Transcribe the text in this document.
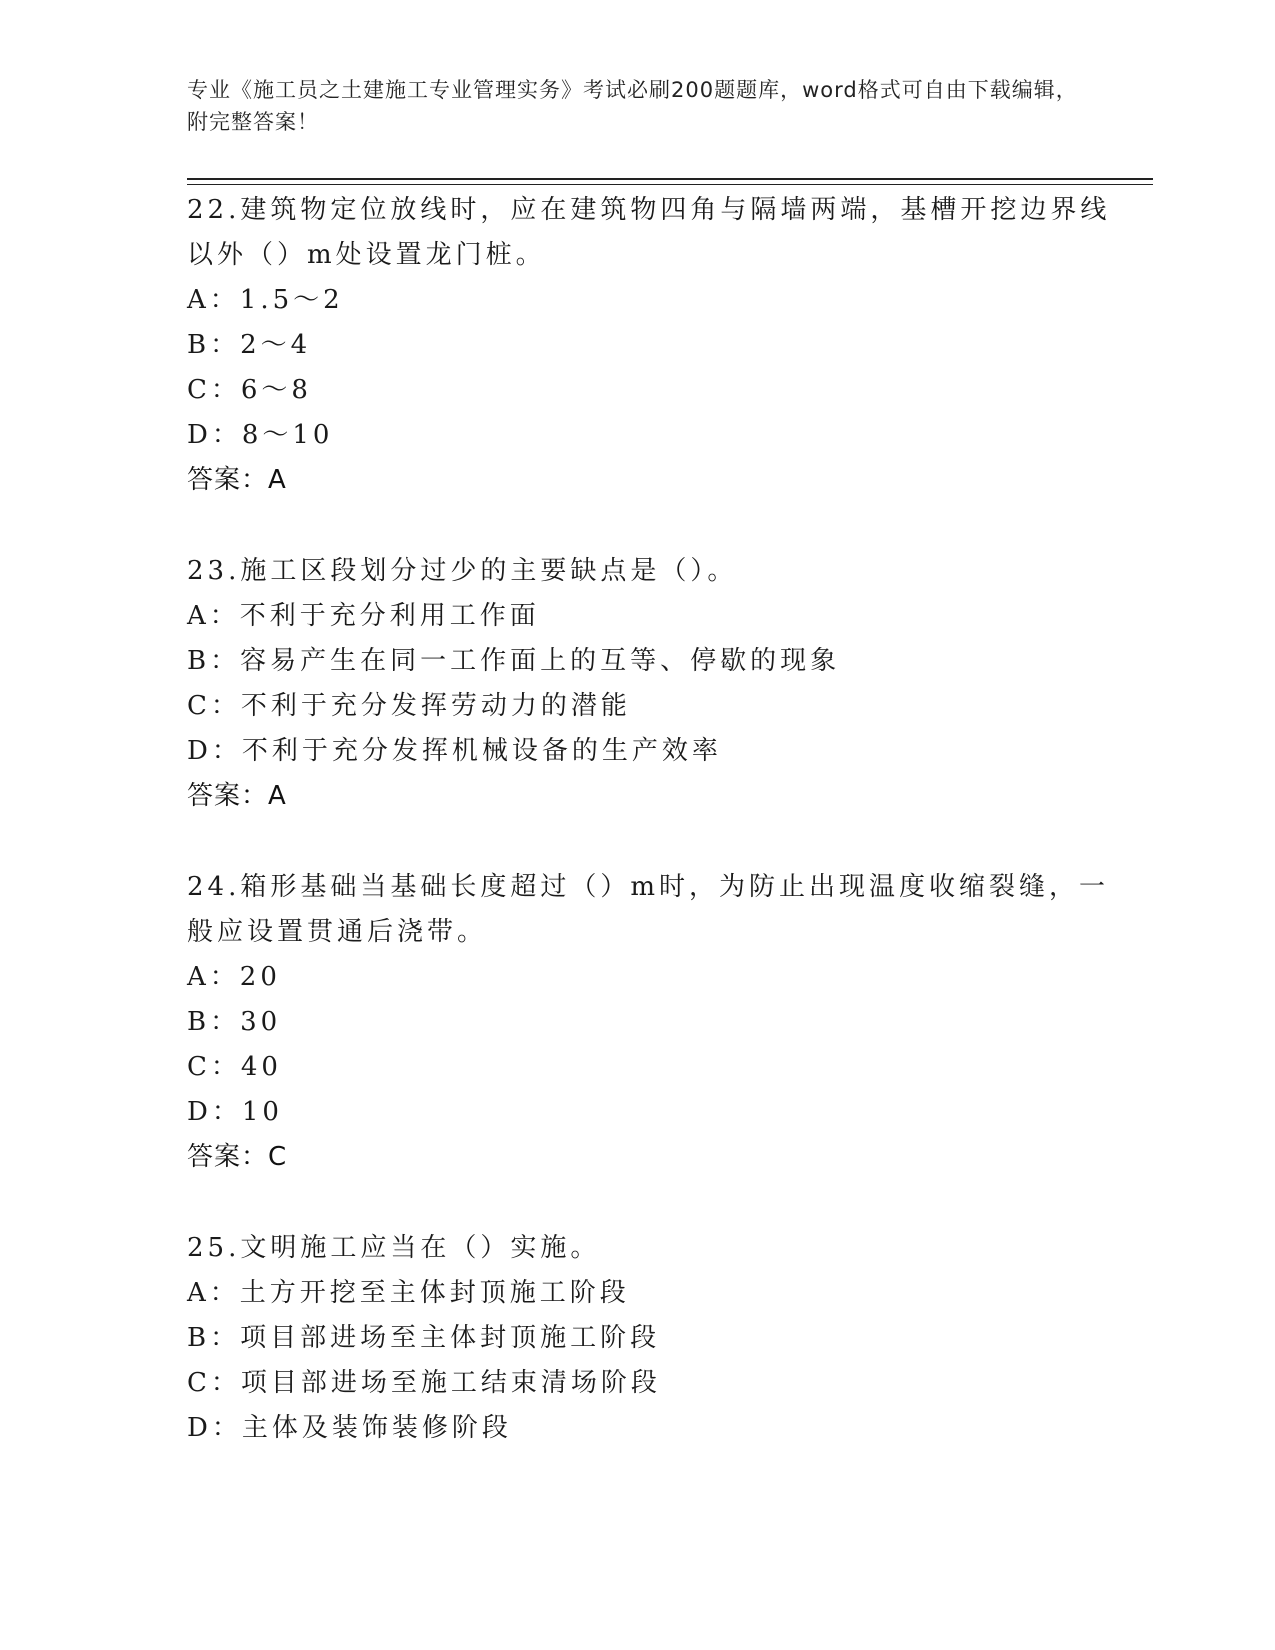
专业《施工员之土建施工专业管理实务》考试必刷200题题库，word格式可自由下载编辑，附完整答案！
22.建筑物定位放线时，应在建筑物四角与隔墙两端，基槽开挖边界线以外（）m处设置龙门桩。
A：1.5～2
B：2～4
C：6～8
D：8～10
答案：A
23.施工区段划分过少的主要缺点是（）。
A：不利于充分利用工作面
B：容易产生在同一工作面上的互等、停歇的现象
C：不利于充分发挥劳动力的潜能
D：不利于充分发挥机械设备的生产效率
答案：A
24.箱形基础当基础长度超过（）m时，为防止出现温度收缩裂缝，一般应设置贯通后浇带。
A：20
B：30
C：40
D：10
答案：C
25.文明施工应当在（）实施。
A：土方开挖至主体封顶施工阶段
B：项目部进场至主体封顶施工阶段
C：项目部进场至施工结束清场阶段
D：主体及装饰装修阶段
